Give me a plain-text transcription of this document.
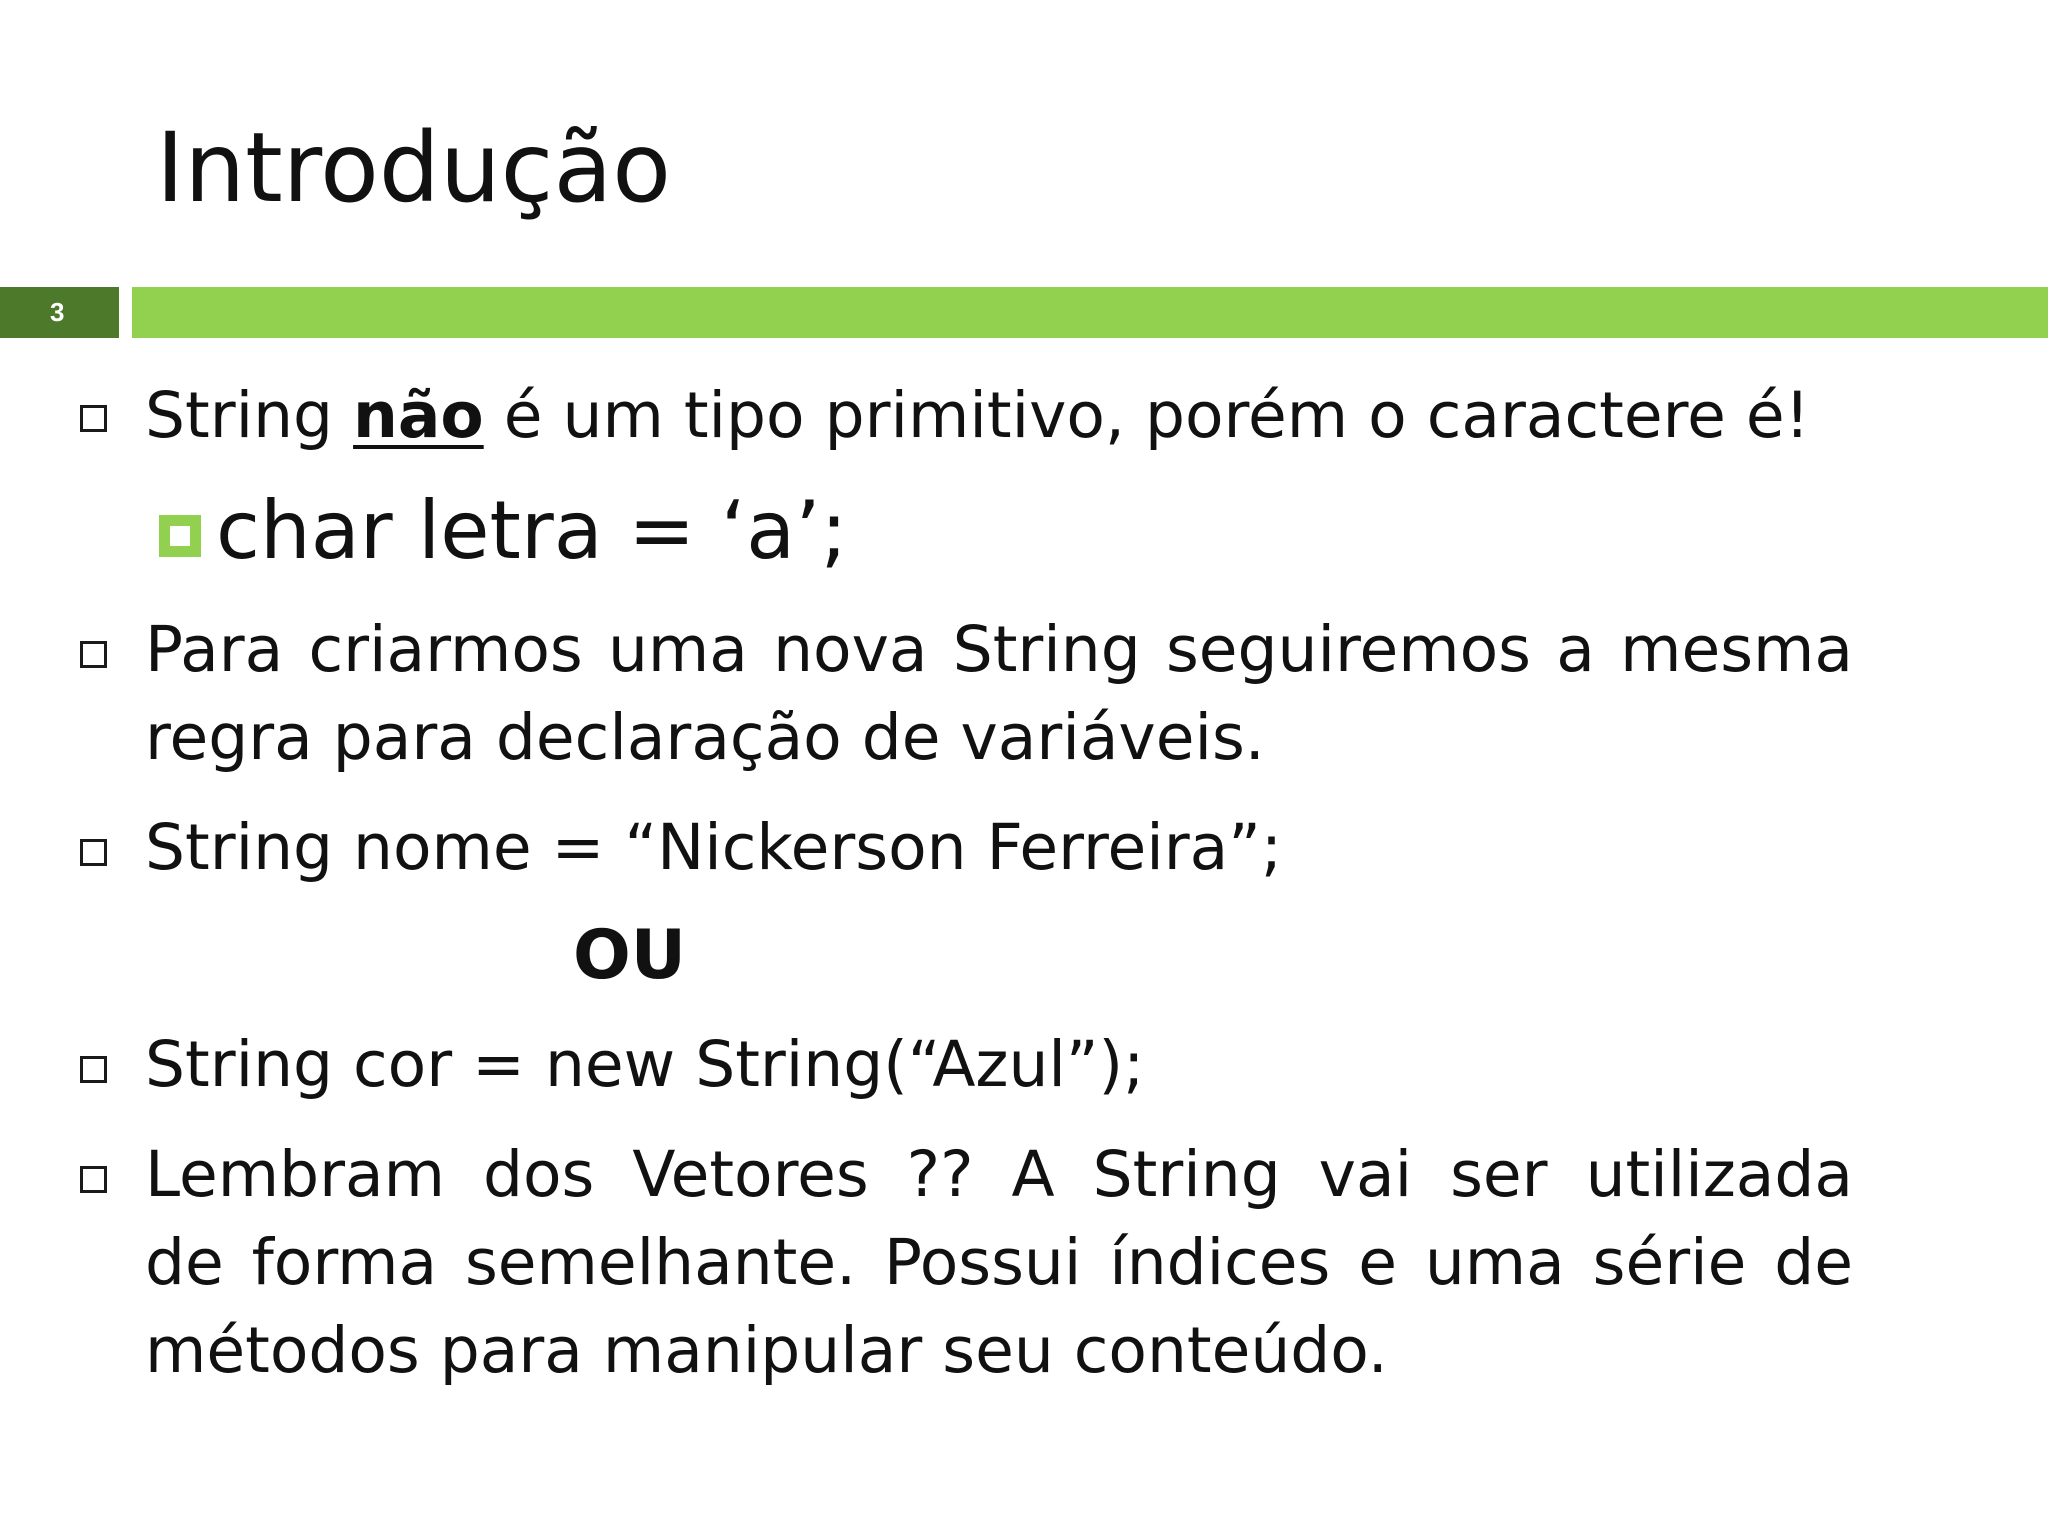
Introdução
3
String não é um tipo primitivo, porém o caractere é!
char letra = ‘a’;
Para criarmos uma nova String seguiremos a mesma
regra para declaração de variáveis.
String nome = “Nickerson Ferreira”;
OU
String cor = new String(“Azul”);
Lembram dos Vetores ?? A String vai ser utilizada
de forma semelhante. Possui índices e uma série de
métodos para manipular seu conteúdo.
